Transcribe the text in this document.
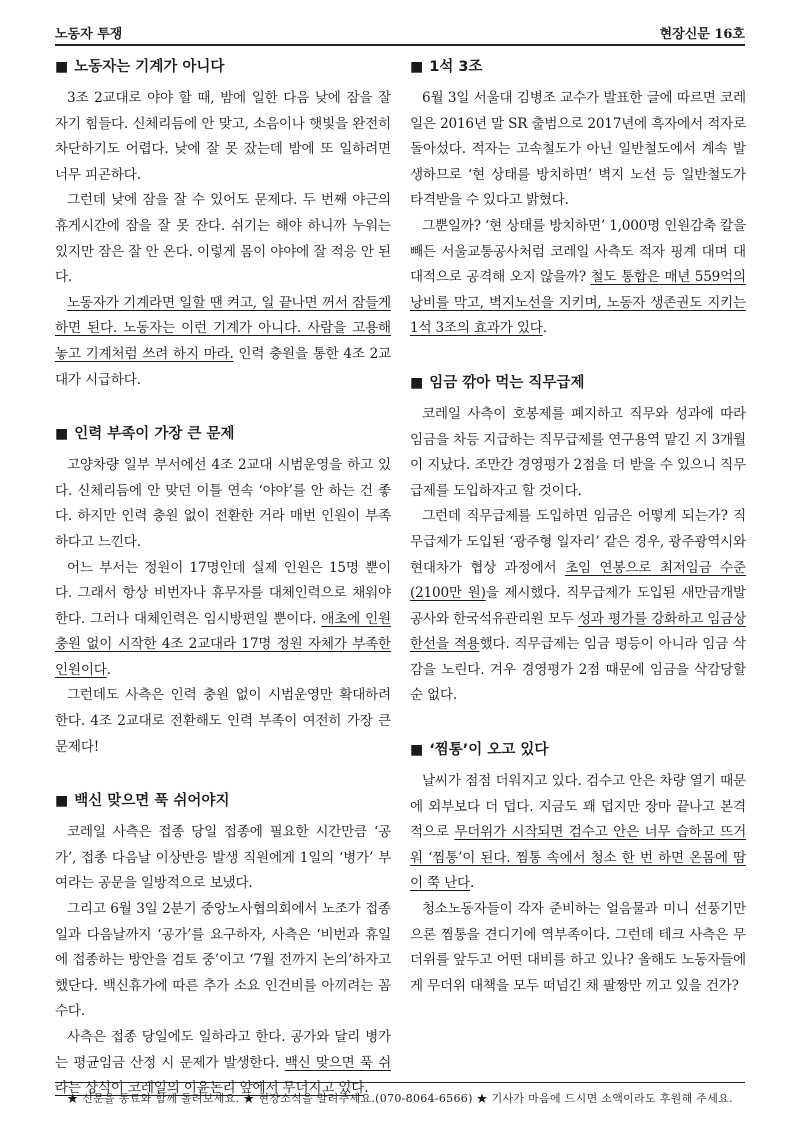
노동자 투쟁	현장신문 16호
■ 노동자는 기계가 아니다

3조 2교대로 야야 할 때, 밤에 일한 다음 낮에 잠을 잘 자기 힘들다. 신체리듬에 안 맞고, 소음이나 햇빛을 완전히 차단하기도 어렵다. 낮에 잘 못 잤는데 밤에 또 일하려면 너무 피곤하다.

그런데 낮에 잠을 잘 수 있어도 문제다. 두 번째 야근의 휴게시간에 잠을 잘 못 잔다. 쉬기는 해야 하니까 누워는 있지만 잠은 잘 안 온다. 이렇게 몸이 야야에 잘 적응 안 된다.

노동자가 기계라면 일할 땐 켜고, 일 끝나면 꺼서 잠들게 하면 된다. 노동자는 이런 기계가 아니다. 사람을 고용해 놓고 기계처럼 쓰려 하지 마라. 인력 충원을 통한 4조 2교대가 시급하다.

■ 인력 부족이 가장 큰 문제

고양차량 일부 부서에선 4조 2교대 시범운영을 하고 있다. 신체리듬에 안 맞던 이틀 연속 ‘야야’를 안 하는 건 좋다. 하지만 인력 충원 없이 전환한 거라 매번 인원이 부족하다고 느낀다.

어느 부서는 정원이 17명인데 실제 인원은 15명 뿐이다. 그래서 항상 비번자나 휴무자를 대체인력으로 채워야 한다. 그러나 대체인력은 임시방편일 뿐이다. 애초에 인원 충원 없이 시작한 4조 2교대라 17명 정원 자체가 부족한 인원이다.

그런데도 사측은 인력 충원 없이 시범운영만 확대하려 한다. 4조 2교대로 전환해도 인력 부족이 여전히 가장 큰 문제다!

■ 백신 맞으면 푹 쉬어야지

코레일 사측은 접종 당일 접종에 필요한 시간만큼 ‘공가’, 접종 다음날 이상반응 발생 직원에게 1일의 ‘병가’ 부여라는 공문을 일방적으로 보냈다.

그리고 6월 3일 2분기 중앙노사협의회에서 노조가 접종일과 다음날까지 ‘공가’를 요구하자, 사측은 ‘비번과 휴일에 접종하는 방안을 검토 중’이고 ‘7월 전까지 논의’하자고 했단다. 백신휴가에 따른 추가 소요 인건비를 아끼려는 꼼수다.

사측은 접종 당일에도 일하라고 한다. 공가와 달리 병가는 평균임금 산정 시 문제가 발생한다. 백신 맞으면 푹 쉬라는 상식이 코레일의 이윤논리 앞에서 무너지고 있다.

■ 1석 3조

6월 3일 서울대 김병조 교수가 발표한 글에 따르면 코레일은 2016년 말 SR 출범으로 2017년에 흑자에서 적자로 돌아섰다. 적자는 고속철도가 아닌 일반철도에서 계속 발생하므로 ‘현 상태를 방치하면’ 벽지 노선 등 일반철도가 타격받을 수 있다고 밝혔다.

그뿐일까? ‘현 상태를 방치하면’ 1,000명 인원감축 칼을 빼든 서울교통공사처럼 코레일 사측도 적자 핑계 대며 대대적으로 공격해 오지 않을까? 철도 통합은 매년 559억의 낭비를 막고, 벽지노선을 지키며, 노동자 생존권도 지키는 1석 3조의 효과가 있다.

■ 임금 깎아 먹는 직무급제

코레일 사측이 호봉제를 폐지하고 직무와 성과에 따라 임금을 차등 지급하는 직무급제를 연구용역 맡긴 지 3개월이 지났다. 조만간 경영평가 2점을 더 받을 수 있으니 직무급제를 도입하자고 할 것이다.

그런데 직무급제를 도입하면 임금은 어떻게 되는가? 직무급제가 도입된 ‘광주형 일자리’ 같은 경우, 광주광역시와 현대차가 협상 과정에서 초임 연봉으로 최저임금 수준(2100만 원)을 제시했다. 직무급제가 도입된 새만금개발공사와 한국석유관리원 모두 성과 평가를 강화하고 임금상한선을 적용했다. 직무급제는 임금 평등이 아니라 임금 삭감을 노린다. 겨우 경영평가 2점 때문에 임금을 삭감당할 순 없다.

■ ‘찜통’이 오고 있다

날씨가 점점 더워지고 있다. 검수고 안은 차량 열기 때문에 외부보다 더 덥다. 지금도 꽤 덥지만 장마 끝나고 본격적으로 무더위가 시작되면 검수고 안은 너무 습하고 뜨거워 ‘찜통’이 된다. 찜통 속에서 청소 한 번 하면 온몸에 땀이 쭉 난다.

청소노동자들이 각자 준비하는 얼음물과 미니 선풍기만으론 찜통을 견디기에 역부족이다. 그런데 테크 사측은 무더위를 앞두고 어떤 대비를 하고 있나? 올해도 노동자들에게 무더위 대책을 모두 떠넘긴 채 팔짱만 끼고 있을 건가?

★ 신문을 동료와 함께 돌려보세요. ★ 현장소식을 알려주세요.(070-8064-6566) ★ 기사가 마음에 드시면 소액이라도 후원해 주세요.
